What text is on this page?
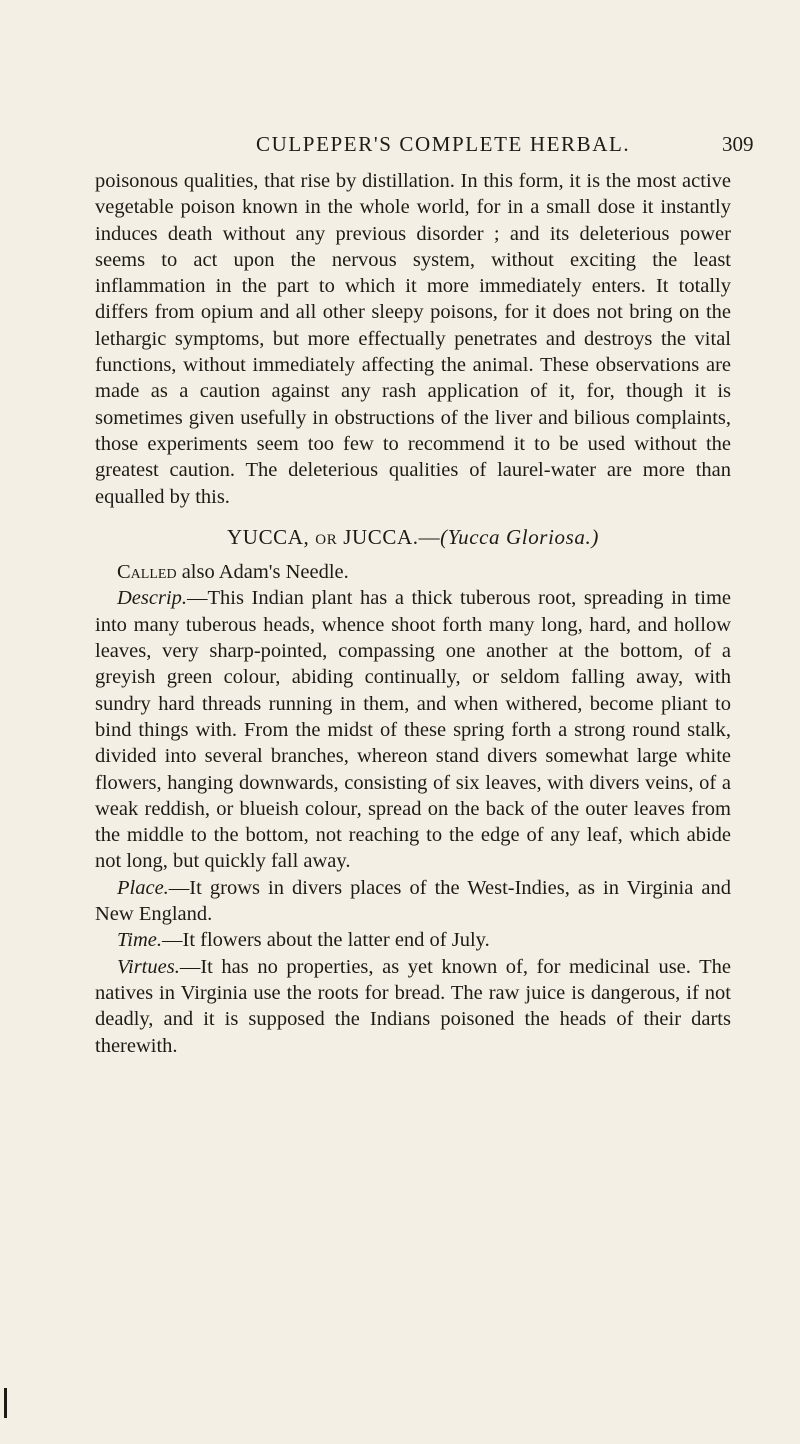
CULPEPER'S COMPLETE HERBAL.	309

poisonous qualities, that rise by distillation. In this form, it is the most active vegetable poison known in the whole world, for in a small dose it instantly induces death without any previous disorder ; and its deleterious power seems to act upon the nervous system, without exciting the least inflammation in the part to which it more immediately enters. It totally differs from opium and all other sleepy poisons, for it does not bring on the lethargic symptoms, but more effectually penetrates and destroys the vital functions, without immediately affecting the animal. These observations are made as a caution against any rash application of it, for, though it is sometimes given usefully in obstructions of the liver and bilious complaints, those experiments seem too few to recommend it to be used without the greatest caution. The deleterious qualities of laurel-water are more than equalled by this.

YUCCA, OR JUCCA.—(Yucca Gloriosa.)

Called also Adam's Needle.

Descrip.—This Indian plant has a thick tuberous root, spreading in time into many tuberous heads, whence shoot forth many long, hard, and hollow leaves, very sharp-pointed, compassing one another at the bottom, of a greyish green colour, abiding continually, or seldom falling away, with sundry hard threads running in them, and when withered, become pliant to bind things with. From the midst of these spring forth a strong round stalk, divided into several branches, whereon stand divers somewhat large white flowers, hanging downwards, consisting of six leaves, with divers veins, of a weak reddish, or blueish colour, spread on the back of the outer leaves from the middle to the bottom, not reaching to the edge of any leaf, which abide not long, but quickly fall away.

Place.—It grows in divers places of the West-Indies, as in Virginia and New England.

Time.—It flowers about the latter end of July.

Virtues.—It has no properties, as yet known of, for medicinal use. The natives in Virginia use the roots for bread. The raw juice is dangerous, if not deadly, and it is supposed the Indians poisoned the heads of their darts therewith.
